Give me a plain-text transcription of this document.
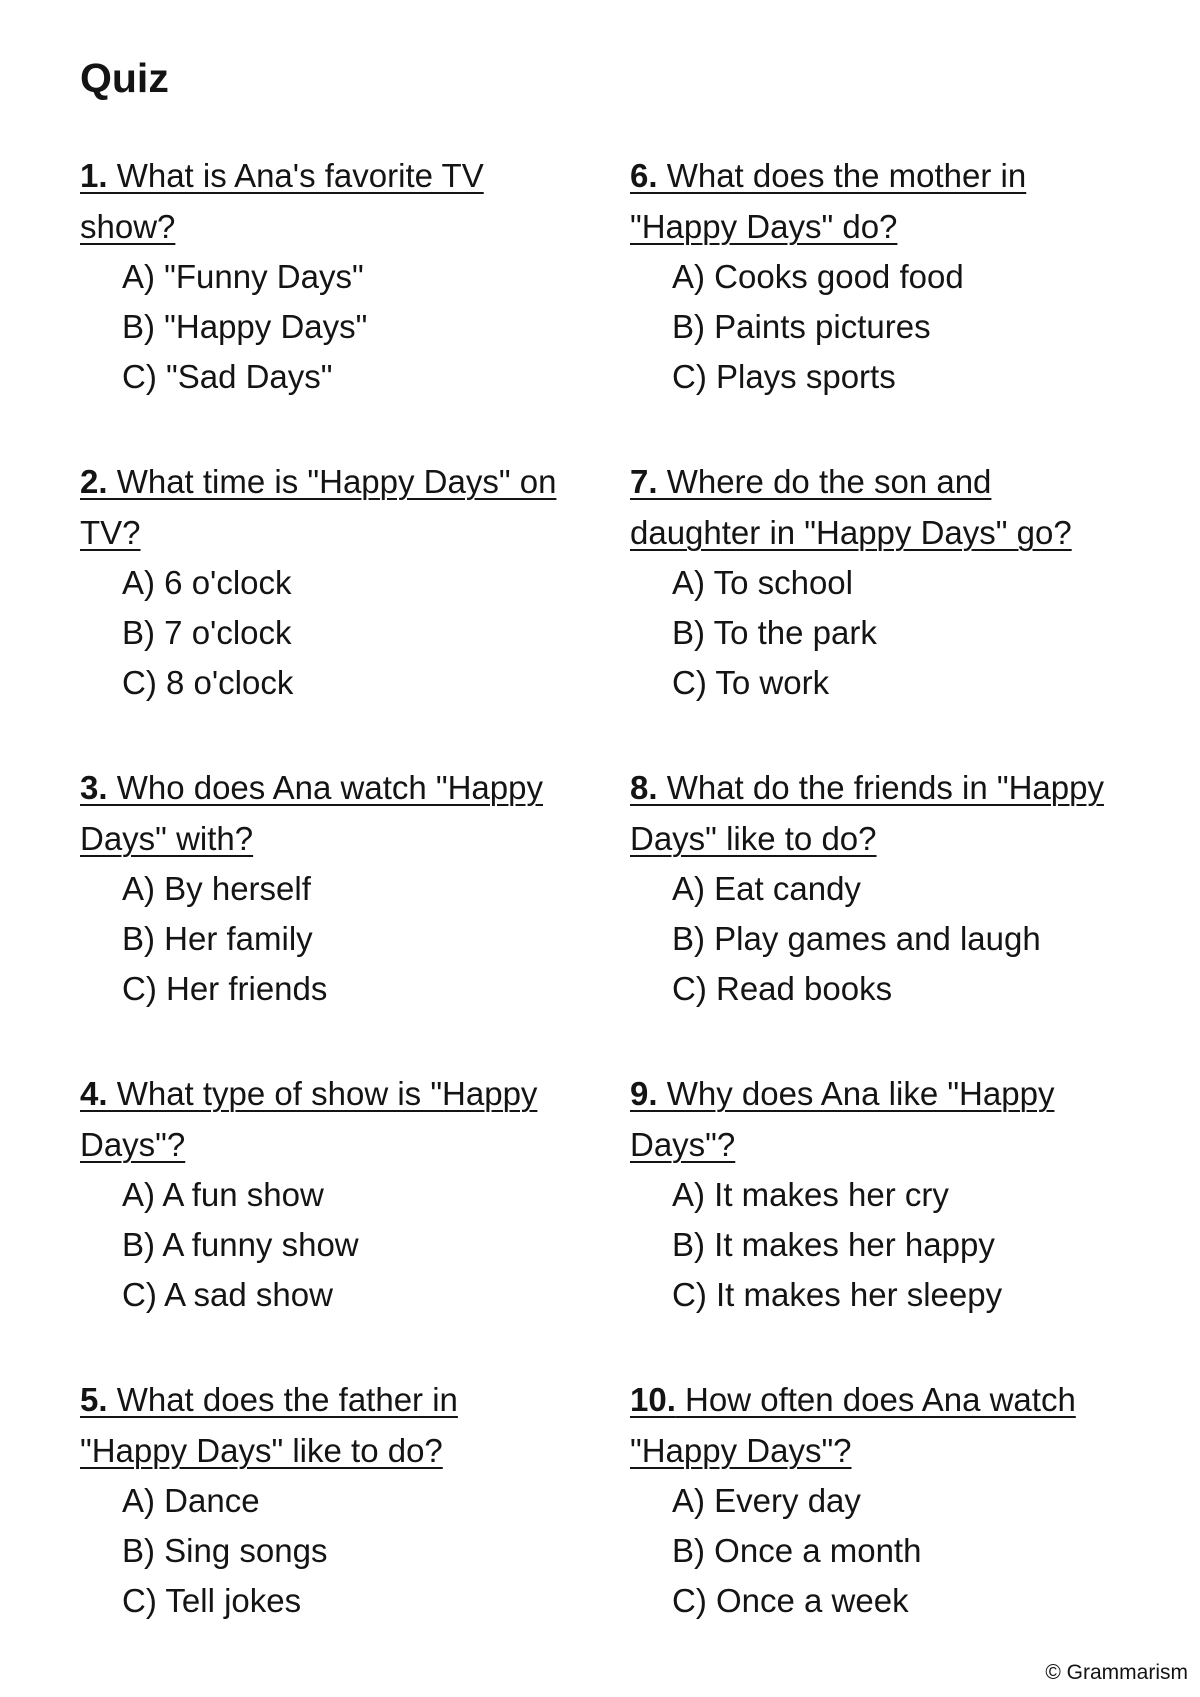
Quiz

1. What is Ana's favorite TV show?

A) "Funny Days"
B) "Happy Days"
C) "Sad Days"

2. What time is "Happy Days" on TV?

A) 6 o'clock
B) 7 o'clock
C) 8 o'clock

3. Who does Ana watch "Happy Days" with?

A) By herself
B) Her family
C) Her friends

4. What type of show is "Happy Days"?

A) A fun show
B) A funny show
C) A sad show

5. What does the father in "Happy Days" like to do?

A) Dance
B) Sing songs
C) Tell jokes

6. What does the mother in "Happy Days" do?

A) Cooks good food
B) Paints pictures
C) Plays sports

7. Where do the son and daughter in "Happy Days" go?

A) To school
B) To the park
C) To work

8. What do the friends in "Happy Days" like to do?

A) Eat candy
B) Play games and laugh
C) Read books

9. Why does Ana like "Happy Days"?

A) It makes her cry
B) It makes her happy
C) It makes her sleepy

10. How often does Ana watch "Happy Days"?

A) Every day
B) Once a month
C) Once a week
© Grammarism
